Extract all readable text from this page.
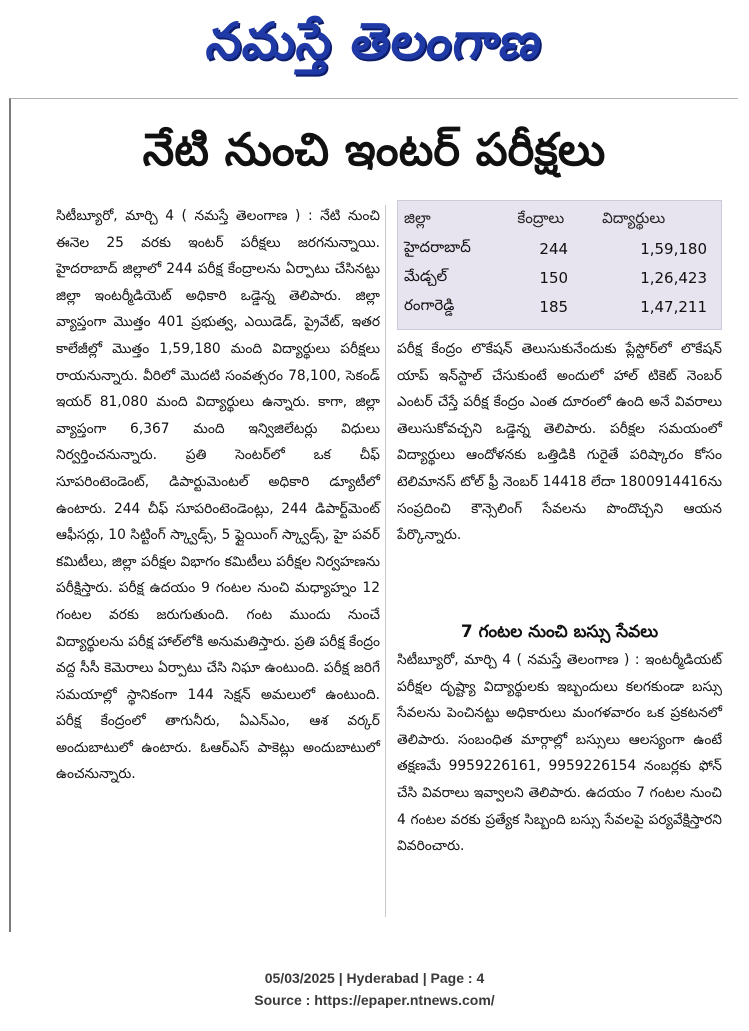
నమస్తే తెలంగాణ
నేటి నుంచి ఇంటర్ పరీక్షలు

సిటీబ్యూరో, మార్చి 4 ( నమస్తే తెలంగాణ ) : నేటి నుంచి ఈనెల 25 వరకు ఇంటర్ పరీక్షలు జరగనున్నాయి. హైదరాబాద్ జిల్లాలో 244 పరీక్ష కేంద్రాలను ఏర్పాటు చేసినట్టు జిల్లా ఇంటర్మీడియెట్ అధికారి ఒడ్డెన్న తెలిపారు. జిల్లా వ్యాప్తంగా మొత్తం 401 ప్రభుత్వ, ఎయిడెడ్, ప్రైవేట్, ఇతర కాలేజీల్లో మొత్తం 1,59,180 మంది విద్యార్థులు పరీక్షలు రాయనున్నారు. వీరిలో మొదటి సంవత్సరం 78,100, సెకండ్ ఇయర్ 81,080 మంది విద్యార్థులు ఉన్నారు. కాగా, జిల్లా వ్యాప్తంగా 6,367 మంది ఇన్విజిలేటర్లు విధులు నిర్వర్తించనున్నారు. ప్రతి సెంటర్‌లో ఒక చీఫ్ సూపరింటెండెంట్, డిపార్టుమెంటల్ అధికారి డ్యూటీలో ఉంటారు. 244 చీఫ్ సూపరింటెండెంట్లు, 244 డిపార్ట్‌మెంట్ ఆఫీసర్లు, 10 సిట్టింగ్ స్క్వాడ్స్, 5 ఫ్లైయింగ్ స్క్వాడ్స్, హై పవర్ కమిటీలు, జిల్లా పరీక్షల విభాగం కమిటీలు పరీక్షల నిర్వహణను పరీక్షిస్తారు. పరీక్ష ఉదయం 9 గంటల నుంచి మధ్యాహ్నం 12 గంటల వరకు జరుగుతుంది. గంట ముందు నుంచే విద్యార్థులను పరీక్ష హాల్‌లోకి అనుమతిస్తారు. ప్రతి పరీక్ష కేంద్రం వద్ద సీసీ కెమెరాలు ఏర్పాటు చేసి నిఘా ఉంటుంది. పరీక్ష జరిగే సమయాల్లో స్థానికంగా 144 సెక్షన్ అమలులో ఉంటుంది. పరీక్ష కేంద్రంలో తాగునీరు, ఏఎన్‌ఎం, ఆశ వర్కర్ అందుబాటులో ఉంటారు. ఓఆర్ఎస్ పాకెట్లు అందుబాటులో ఉంచనున్నారు.

జిల్లా	కేంద్రాలు	విద్యార్థులు
హైదరాబాద్	244	1,59,180
మేడ్చల్	150	1,26,423
రంగారెడ్డి	185	1,47,211

పరీక్ష కేంద్రం లొకేషన్ తెలుసుకునేందుకు ప్లేస్టోర్‌లో లొకేషన్ యాప్ ఇన్‌స్టాల్ చేసుకుంటే అందులో హాల్ టికెట్ నెంబర్ ఎంటర్ చేస్తే పరీక్ష కేంద్రం ఎంత దూరంలో ఉంది అనే వివరాలు తెలుసుకోవచ్చని ఒడ్డెన్న తెలిపారు. పరీక్షల సమయంలో విద్యార్థులు ఆందోళనకు ఒత్తిడికి గురైతే పరిష్కారం కోసం టెలిమానస్ టోల్ ఫ్రీ నెంబర్ 14418 లేదా 1800914416ను సంప్రదించి కౌన్సెలింగ్ సేవలను పొందొచ్చని ఆయన పేర్కొన్నారు.

7 గంటల నుంచి బస్సు సేవలు

సిటీబ్యూరో, మార్చి 4 ( నమస్తే తెలంగాణ ) : ఇంటర్మీడియట్ పరీక్షల దృష్ట్యా విద్యార్థులకు ఇబ్బందులు కలగకుండా బస్సు సేవలను పెంచినట్టు అధికారులు మంగళవారం ఒక ప్రకటనలో తెలిపారు. సంబంధిత మార్గాల్లో బస్సులు ఆలస్యంగా ఉంటే తక్షణమే 9959226161, 9959226154 నంబర్లకు ఫోన్ చేసి వివరాలు ఇవ్వాలని తెలిపారు. ఉదయం 7 గంటల నుంచి 4 గంటల వరకు ప్రత్యేక సిబ్బంది బస్సు సేవలపై పర్యవేక్షిస్తారని వివరించారు.

05/03/2025 | Hyderabad | Page : 4
Source : https://epaper.ntnews.com/
